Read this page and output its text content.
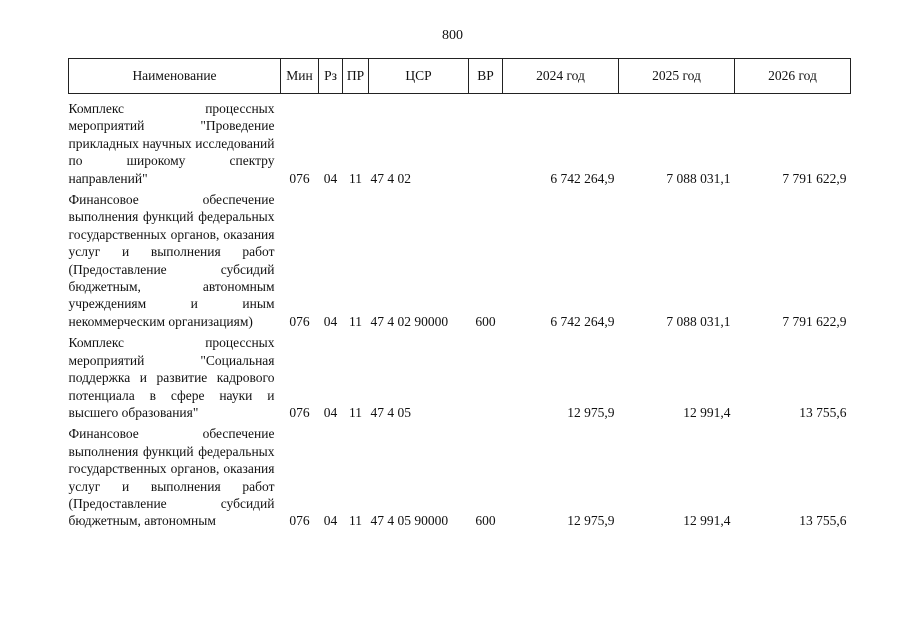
800
Наименование	Мин	Рз	ПР	ЦСР	ВР	2024 год	2025 год	2026 год

Комплекс процессных мероприятий "Проведение прикладных научных исследований по широкому спектру направлений"	076	04	11	47 4 02		6 742 264,9	7 088 031,1	7 791 622,9

Финансовое обеспечение выполнения функций федеральных государственных органов, оказания услуг и выполнения работ (Предоставление субсидий бюджетным, автономным учреждениям и иным некоммерческим организациям)	076	04	11	47 4 02 90000	600	6 742 264,9	7 088 031,1	7 791 622,9

Комплекс процессных мероприятий "Социальная поддержка и развитие кадрового потенциала в сфере науки и высшего образования"	076	04	11	47 4 05		12 975,9	12 991,4	13 755,6

Финансовое обеспечение выполнения функций федеральных государственных органов, оказания услуг и выполнения работ (Предоставление субсидий бюджетным, автономным	076	04	11	47 4 05 90000	600	12 975,9	12 991,4	13 755,6
